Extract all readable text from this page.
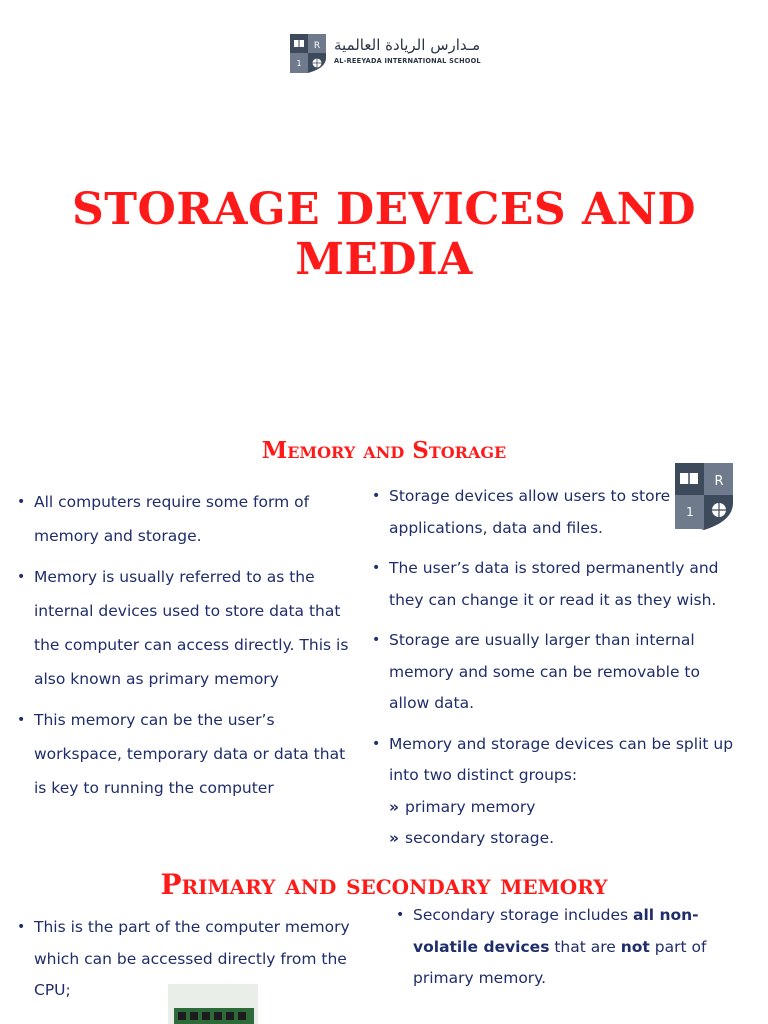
R
1
مـدارس الريادة العالمية
AL-REEYADA INTERNATIONAL SCHOOL
STORAGE DEVICES AND
MEDIA
Memory and Storage
R
1
• All computers require some form of memory and storage.
• Memory is usually referred to as the internal devices used to store data that the computer can access directly. This is also known as primary memory
• This memory can be the user’s workspace, temporary data or data that is key to running the computer
• Storage devices allow users to store applications, data and files.
• The user’s data is stored permanently and they can change it or read it as they wish.
• Storage are usually larger than internal memory and some can be removable to allow data.
• Memory and storage devices can be split up into two distinct groups:
» primary memory
» secondary storage.
Primary and secondary memory
• This is the part of the computer memory which can be accessed directly from the CPU;
• Secondary storage includes all non-volatile devices that are not part of primary memory.
